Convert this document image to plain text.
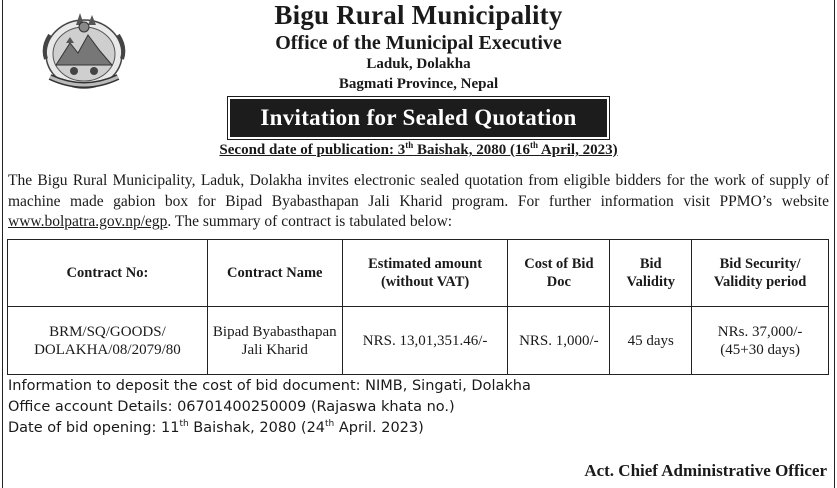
Bigu Rural Municipality
Office of the Municipal Executive
Laduk, Dolakha
Bagmati Province, Nepal
Invitation for Sealed Quotation
Second date of publication: 3th Baishak, 2080 (16th April, 2023)
The Bigu Rural Municipality, Laduk, Dolakha invites electronic sealed quotation from eligible bidders for the work of supply of machine made gabion box for Bipad Byabasthapan Jali Kharid program. For further information visit PPMO’s website www.bolpatra.gov.np/egp. The summary of contract is tabulated below:
Contract No:	Contract Name	Estimated amount (without VAT)	Cost of Bid Doc	Bid Validity	Bid Security/ Validity period
BRM/SQ/GOODS/ DOLAKHA/08/2079/80	Bipad Byabasthapan Jali Kharid	NRS. 13,01,351.46/-	NRS. 1,000/-	45 days	NRs. 37,000/- (45+30 days)
Information to deposit the cost of bid document: NIMB, Singati, Dolakha
Office account Details: 06701400250009 (Rajaswa khata no.)
Date of bid opening: 11th Baishak, 2080 (24th April. 2023)
Act. Chief Administrative Officer
